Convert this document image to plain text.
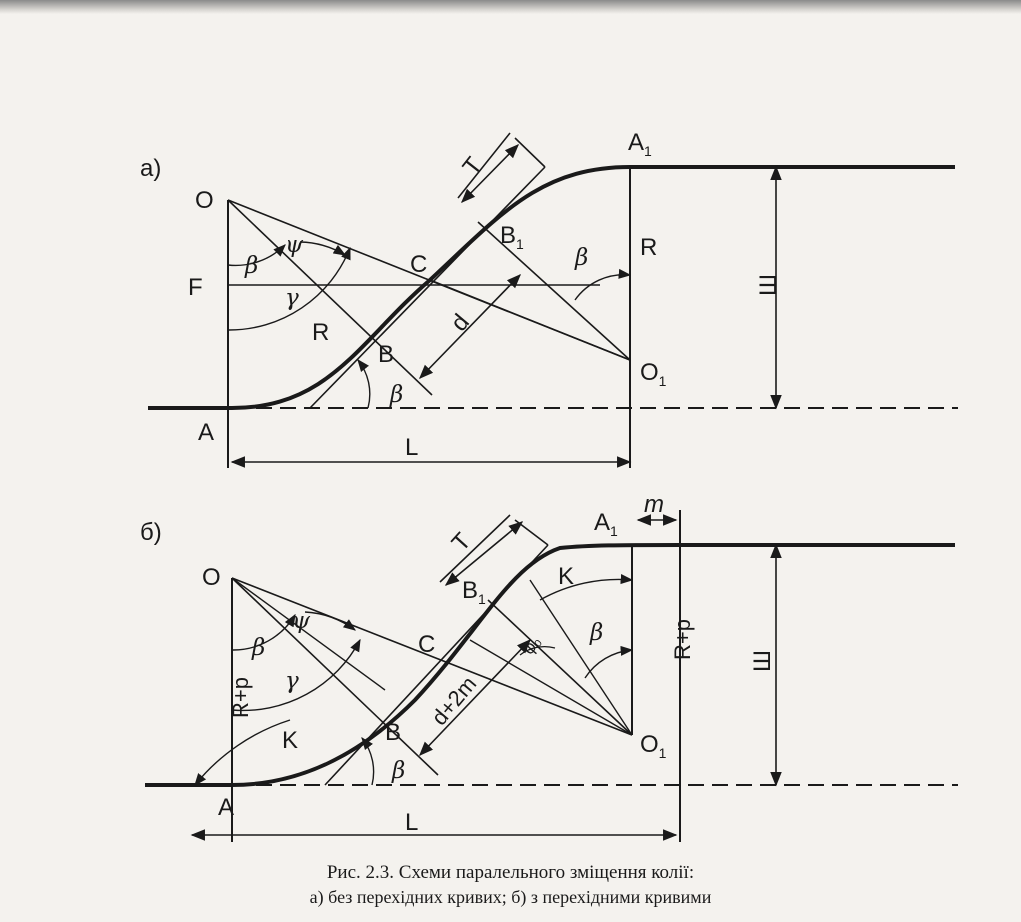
а)
O
F
A
C
B
$B_1$
$A_1$
$O_1$
T
R
R
d
L
Ш
β
ψ
γ
β
β
б)
O
A
C
B
K
K
$B_1$
$A_1$
$O_1$
T
m
R+p
R+p
d+2m
φ₀
L
Ш
β
ψ
γ
β
β
Рис. 2.3. Схеми паралельного зміщення колії:
а) без перехідних кривих; б) з перехідними кривими
